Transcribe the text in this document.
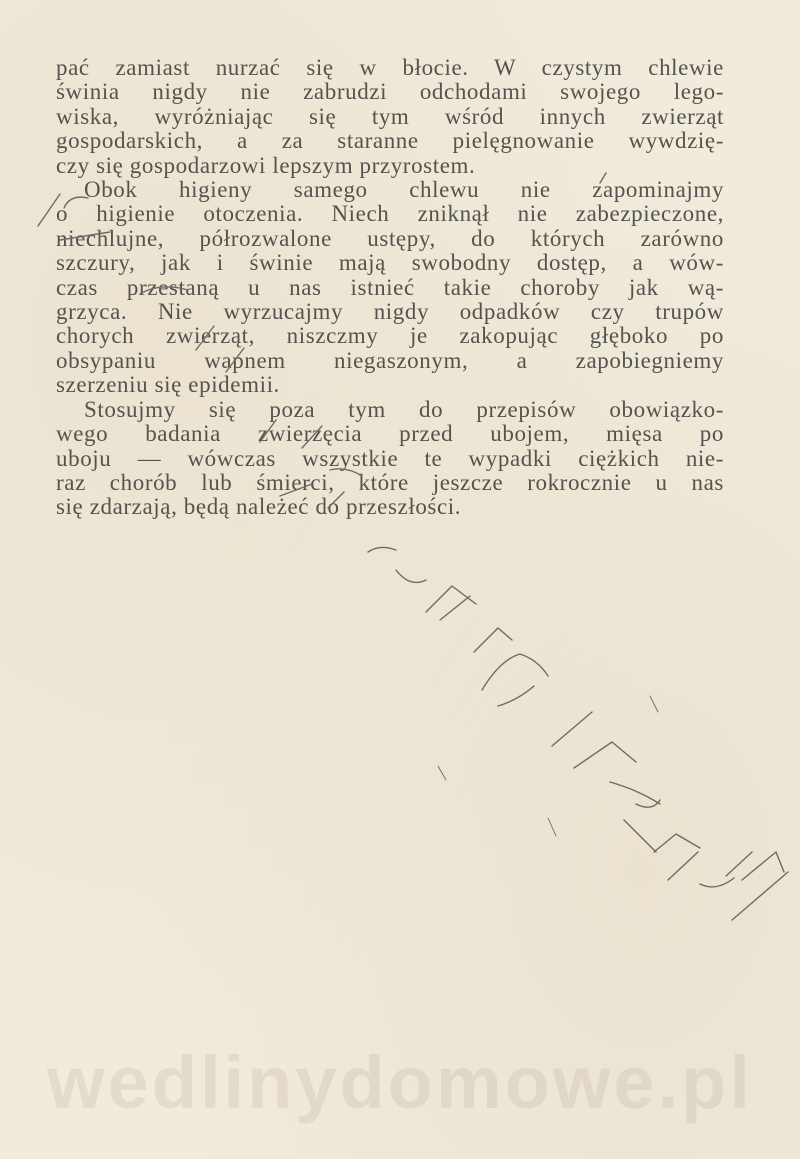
pać zamiast nurzać się w błocie. W czystym chlewie
świnia nigdy nie zabrudzi odchodami swojego lego-
wiska, wyróżniając się tym wśród innych zwierząt
gospodarskich, a za staranne pielęgnowanie wywdzię-
czy się gospodarzowi lepszym przyrostem.
Obok higieny samego chlewu nie zapominajmy
o higienie otoczenia. Niech zniknął nie zabezpieczone,
niechlujne, półrozwalone ustępy, do których zarówno
szczury, jak i świnie mają swobodny dostęp, a wów-
czas przestaną u nas istnieć takie choroby jak wą-
grzyca. Nie wyrzucajmy nigdy odpadków czy trupów
chorych zwierząt, niszczmy je zakopując głęboko po
obsypaniu wapnem niegaszonym, a zapobiegniemy
szerzeniu się epidemii.
Stosujmy się poza tym do przepisów obowiązko-
wego badania zwierzęcia przed ubojem, mięsa po
uboju — wówczas wszystkie te wypadki ciężkich nie-
raz chorób lub śmierci, które jeszcze rokrocznie u nas
się zdarzają, będą należeć do przeszłości.
wedlinydomowe.pl
